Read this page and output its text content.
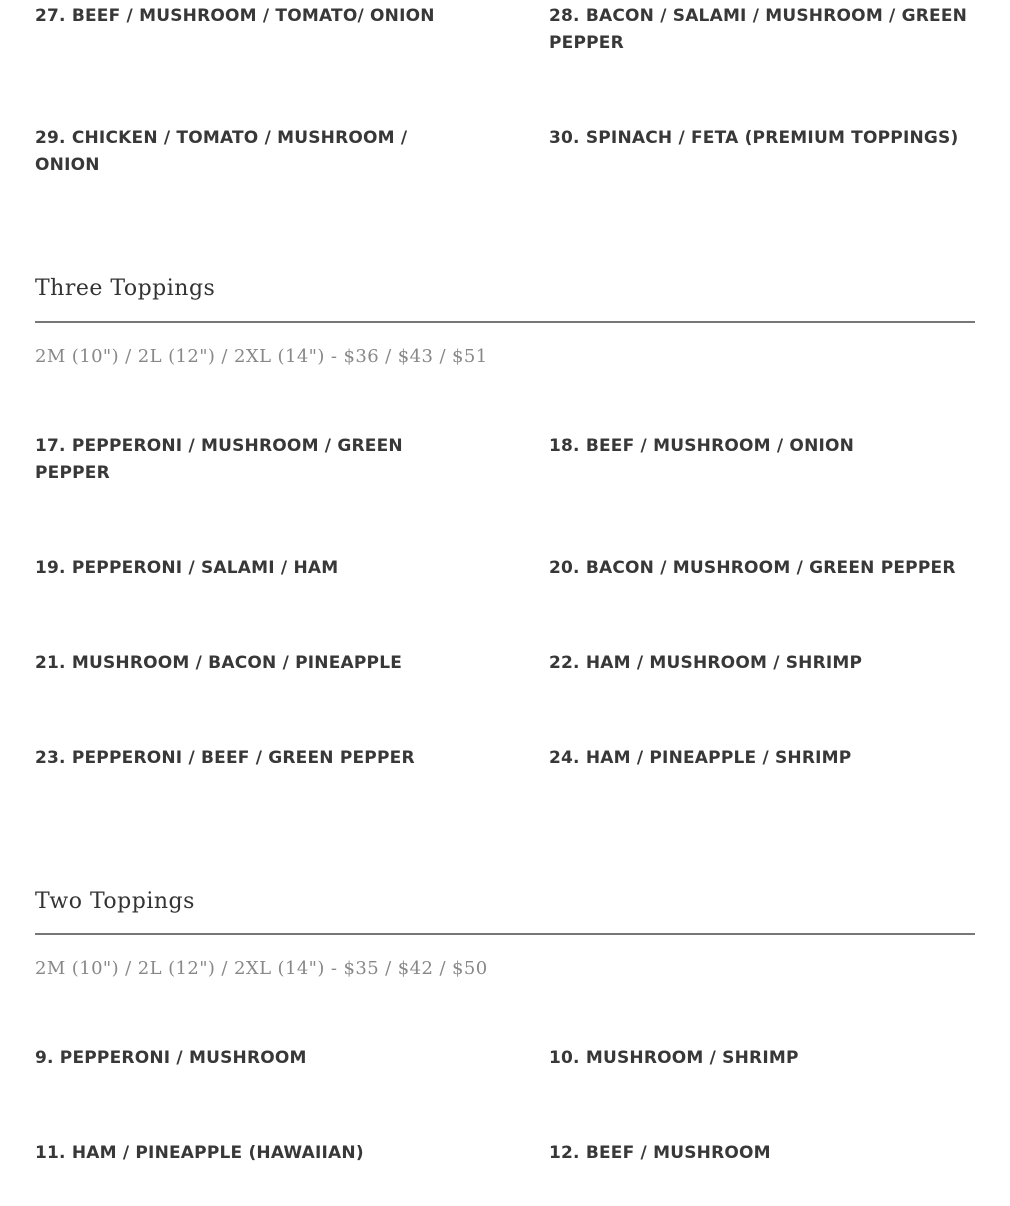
27. BEEF / MUSHROOM / TOMATO/ ONION	28. BACON / SALAMI / MUSHROOM / GREEN PEPPER
29. CHICKEN / TOMATO / MUSHROOM / ONION
30. SPINACH / FETA (PREMIUM TOPPINGS)
Three Toppings
2M (10") / 2L (12") / 2XL (14") - $36 / $43 / $51
17. PEPPERONI / MUSHROOM / GREEN PEPPER
18. BEEF / MUSHROOM / ONION
19. PEPPERONI / SALAMI / HAM	20. BACON / MUSHROOM / GREEN PEPPER
21. MUSHROOM / BACON / PINEAPPLE	22. HAM / MUSHROOM / SHRIMP
23. PEPPERONI / BEEF / GREEN PEPPER	24. HAM / PINEAPPLE / SHRIMP
Two Toppings
2M (10") / 2L (12") / 2XL (14") - $35 / $42 / $50
9. PEPPERONI / MUSHROOM	10. MUSHROOM / SHRIMP
11. HAM / PINEAPPLE (HAWAIIAN)	12. BEEF / MUSHROOM
